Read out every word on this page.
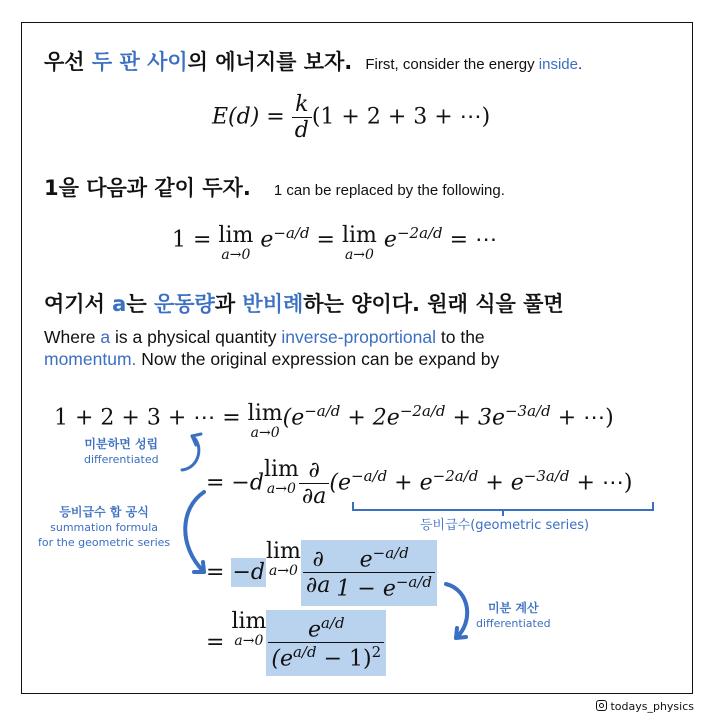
우선 두 판 사이의 에너지를 보자. First, consider the energy inside.
$E(d) = \frac{k}{d} (1 + 2 + 3$ + ⋯)
1을 다음과 같이 두자. 1 can be replaced by the following.
1 = lim
a→0
$e^{-a/d} = \lim$
a→0
$e^{-2a/d}$ = ⋯
여기서 a는 운동량과 반비례하는 양이다. 원래 식을 풀면
Where a is a physical quantity inverse-proportional to the
momentum. Now the original expression can be expand by
1 + 2 + 3 + ⋯ = lim
a→0
($e^{-a/d} + 2e^{-2a/d} + 3e^{-3a/d}$ + ⋯)
미분하면 성립
differentiated
= −dlim
$a\to 0 \frac{\partial}{\partial a} (e^{-a/d} + e^{-2a/d} + e^{-3a/d}$ + ⋯)
등비급수(geometric series)
등비급수 합 공식
summation formula
for the geometric series
= −dlim
$a\to 0 \frac{\partial}{\partial a} \frac{e^{-a/d}}{1 - e^{-a/d}}$
미분 계산
differentiated
= lim
$a\to 0 \frac{e^{a/d}}{(e^{a/d} - 1)^2}$
todays_physics
